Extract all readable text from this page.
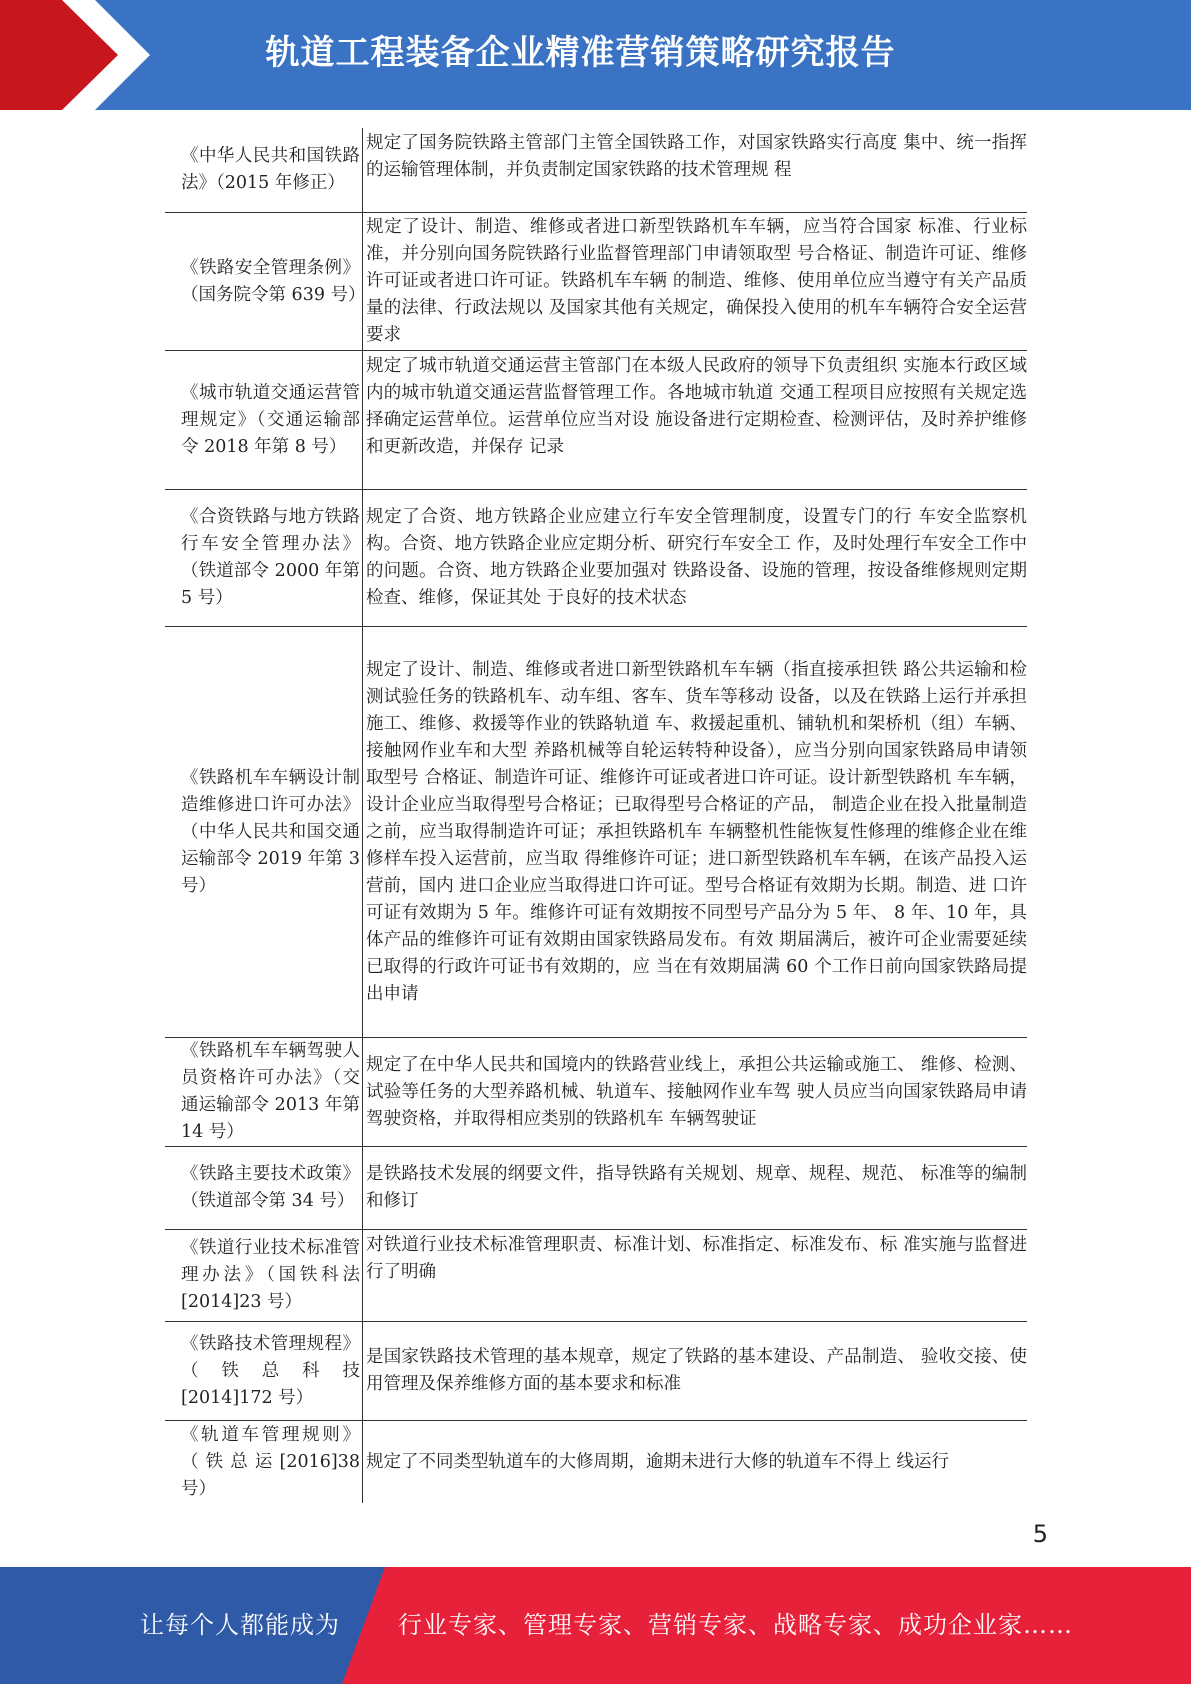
轨道工程装备企业精准营销策略研究报告
《中华人民共和国铁路法》（2015 年修正）
规定了国务院铁路主管部门主管全国铁路工作，对国家铁路实行高度 集中、统一指挥的运输管理体制，并负责制定国家铁路的技术管理规 程
《铁路安全管理条例》（国务院令第 639 号）
规定了设计、制造、维修或者进口新型铁路机车车辆，应当符合国家 标准、行业标准，并分别向国务院铁路行业监督管理部门申请领取型 号合格证、制造许可证、维修许可证或者进口许可证。铁路机车车辆 的制造、维修、使用单位应当遵守有关产品质量的法律、行政法规以 及国家其他有关规定，确保投入使用的机车车辆符合安全运营要求
《城市轨道交通运营管理规定》（交通运输部令 2018 年第 8 号）
规定了城市轨道交通运营主管部门在本级人民政府的领导下负责组织 实施本行政区域内的城市轨道交通运营监督管理工作。各地城市轨道 交通工程项目应按照有关规定选择确定运营单位。运营单位应当对设 施设备进行定期检查、检测评估，及时养护维修和更新改造，并保存 记录
《合资铁路与地方铁路行车安全管理办法》（铁道部令 2000 年第 5 号）
规定了合资、地方铁路企业应建立行车安全管理制度，设置专门的行 车安全监察机构。合资、地方铁路企业应定期分析、研究行车安全工 作，及时处理行车安全工作中的问题。合资、地方铁路企业要加强对 铁路设备、设施的管理，按设备维修规则定期检查、维修，保证其处 于良好的技术状态
《铁路机车车辆设计制造维修进口许可办法》（中华人民共和国交通运输部令 2019 年第 3 号）
规定了设计、制造、维修或者进口新型铁路机车车辆（指直接承担铁 路公共运输和检测试验任务的铁路机车、动车组、客车、货车等移动 设备，以及在铁路上运行并承担施工、维修、救援等作业的铁路轨道 车、救援起重机、铺轨机和架桥机（组）车辆、接触网作业车和大型 养路机械等自轮运转特种设备），应当分别向国家铁路局申请领取型号 合格证、制造许可证、维修许可证或者进口许可证。设计新型铁路机 车车辆，设计企业应当取得型号合格证；已取得型号合格证的产品， 制造企业在投入批量制造之前，应当取得制造许可证；承担铁路机车 车辆整机性能恢复性修理的维修企业在维修样车投入运营前，应当取 得维修许可证；进口新型铁路机车车辆，在该产品投入运营前，国内 进口企业应当取得进口许可证。型号合格证有效期为长期。制造、进 口许可证有效期为 5 年。维修许可证有效期按不同型号产品分为 5 年、 8 年、10 年，具体产品的维修许可证有效期由国家铁路局发布。有效 期届满后，被许可企业需要延续已取得的行政许可证书有效期的，应 当在有效期届满 60 个工作日前向国家铁路局提出申请
《铁路机车车辆驾驶人员资格许可办法》（交通运输部令 2013 年第 14 号）
规定了在中华人民共和国境内的铁路营业线上，承担公共运输或施工、 维修、检测、试验等任务的大型养路机械、轨道车、接触网作业车驾 驶人员应当向国家铁路局申请驾驶资格，并取得相应类别的铁路机车 车辆驾驶证
《铁路主要技术政策》（铁道部令第 34 号）
是铁路技术发展的纲要文件，指导铁路有关规划、规章、规程、规范、 标准等的编制和修订
《铁道行业技术标准管理办法》（国铁科法[2014]23 号）
对铁道行业技术标准管理职责、标准计划、标准指定、标准发布、标 准实施与监督进行了明确
《铁路技术管理规程》（铁总科技[2014]172 号）
是国家铁路技术管理的基本规章，规定了铁路的基本建设、产品制造、 验收交接、使用管理及保养维修方面的基本要求和标准
《轨道车管理规则》（铁总运[2016]38 号）
规定了不同类型轨道车的大修周期，逾期未进行大修的轨道车不得上 线运行
5
让每个人都能成为 行业专家、管理专家、营销专家、战略专家、成功企业家……
